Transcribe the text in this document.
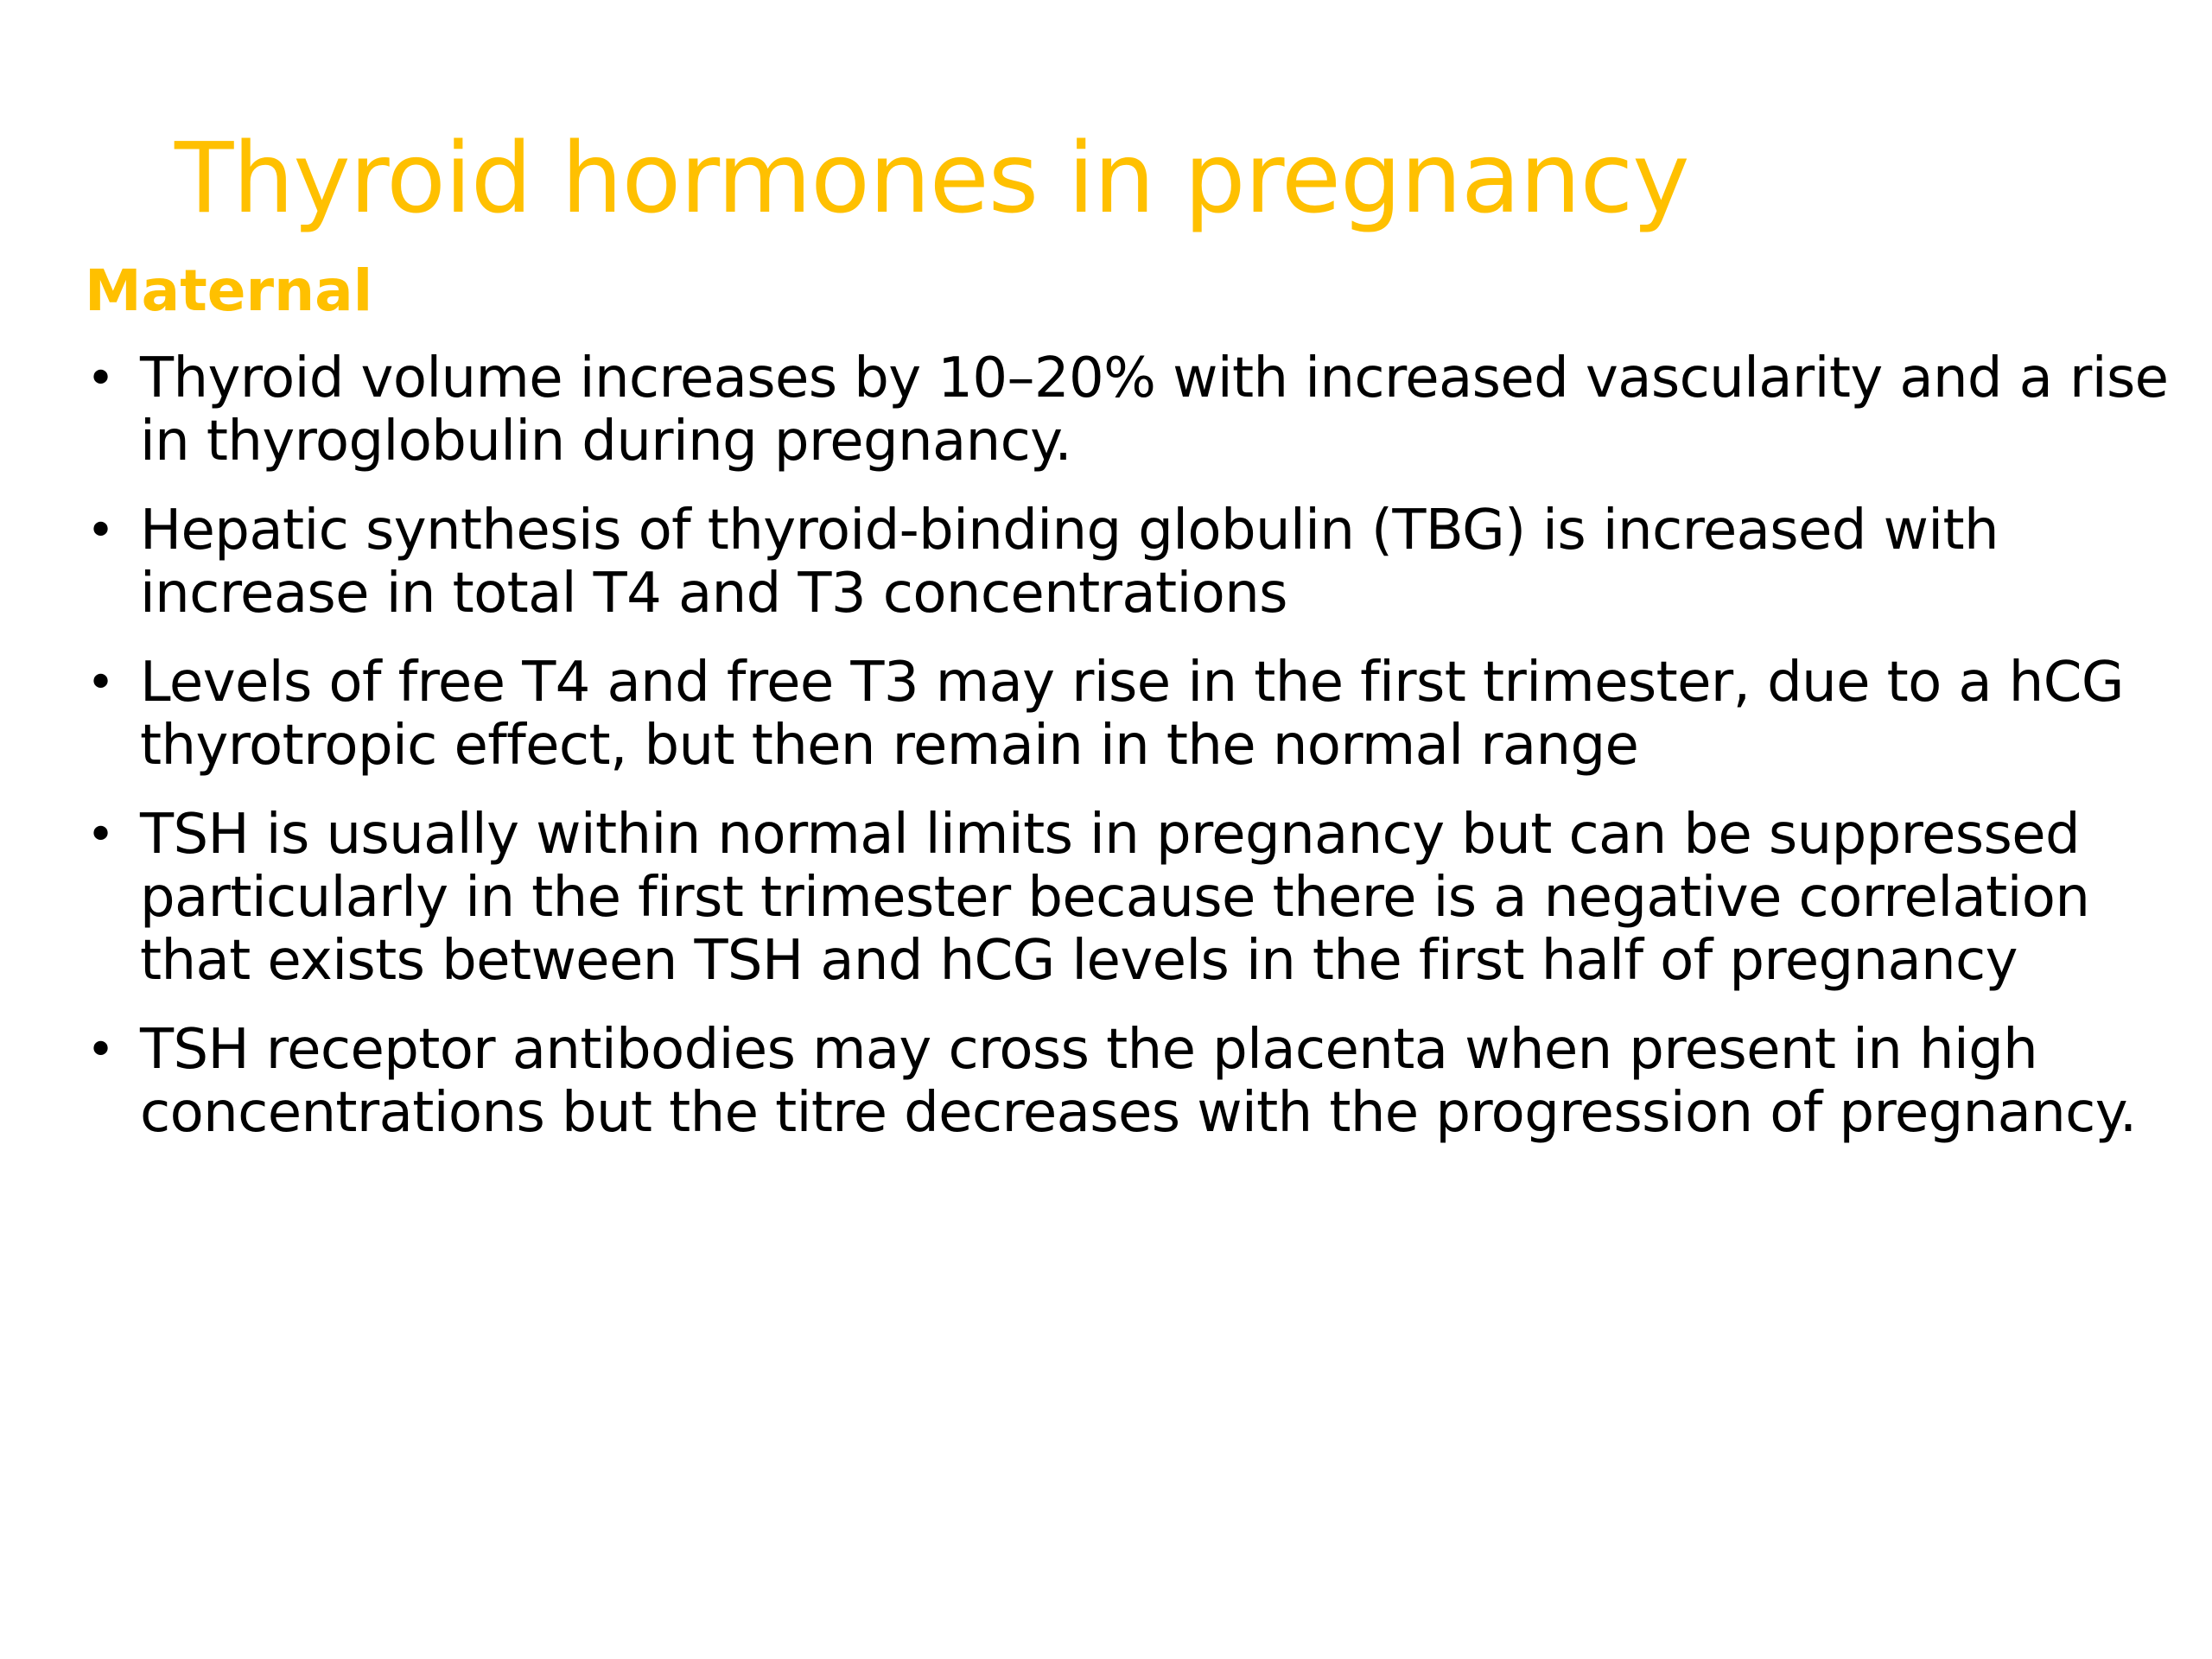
Thyroid hormones in pregnancy
Maternal
• Thyroid volume increases by 10–20% with increased vascularity and a rise in thyroglobulin during pregnancy.
• Hepatic synthesis of thyroid-binding globulin (TBG) is increased with increase in total T4 and T3 concentrations
• Levels of free T4 and free T3 may rise in the first trimester, due to a hCG thyrotropic effect, but then remain in the normal range
• TSH is usually within normal limits in pregnancy but can be suppressed particularly in the first trimester because there is a negative correlation that exists between TSH and hCG levels in the first half of pregnancy
• TSH receptor antibodies may cross the placenta when present in high concentrations but the titre decreases with the progression of pregnancy.
